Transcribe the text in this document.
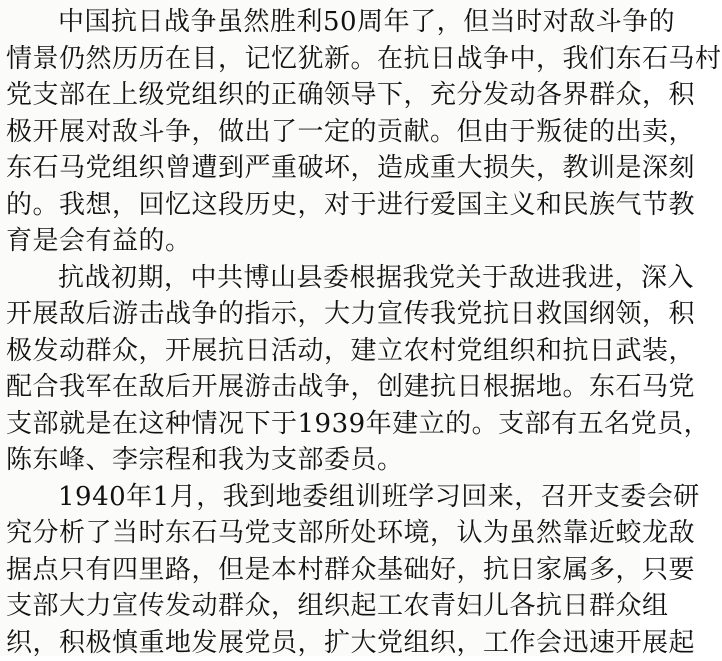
中国抗日战争虽然胜利50周年了，但当时对敌斗争的
情景仍然历历在目，记忆犹新。在抗日战争中，我们东石马村
党支部在上级党组织的正确领导下，充分发动各界群众，积
极开展对敌斗争，做出了一定的贡献。但由于叛徒的出卖，
东石马党组织曾遭到严重破坏，造成重大损失，教训是深刻
的。我想，回忆这段历史，对于进行爱国主义和民族气节教
育是会有益的。
抗战初期，中共博山县委根据我党关于敌进我进，深入
开展敌后游击战争的指示，大力宣传我党抗日救国纲领，积
极发动群众，开展抗日活动，建立农村党组织和抗日武装，
配合我军在敌后开展游击战争，创建抗日根据地。东石马党
支部就是在这种情况下于1939年建立的。支部有五名党员，
陈东峰、李宗程和我为支部委员。
1940年1月，我到地委组训班学习回来，召开支委会研
究分析了当时东石马党支部所处环境，认为虽然靠近蛟龙敌
据点只有四里路，但是本村群众基础好，抗日家属多，只要
支部大力宣传发动群众，组织起工农青妇儿各抗日群众组
织，积极慎重地发展党员，扩大党组织，工作会迅速开展起
